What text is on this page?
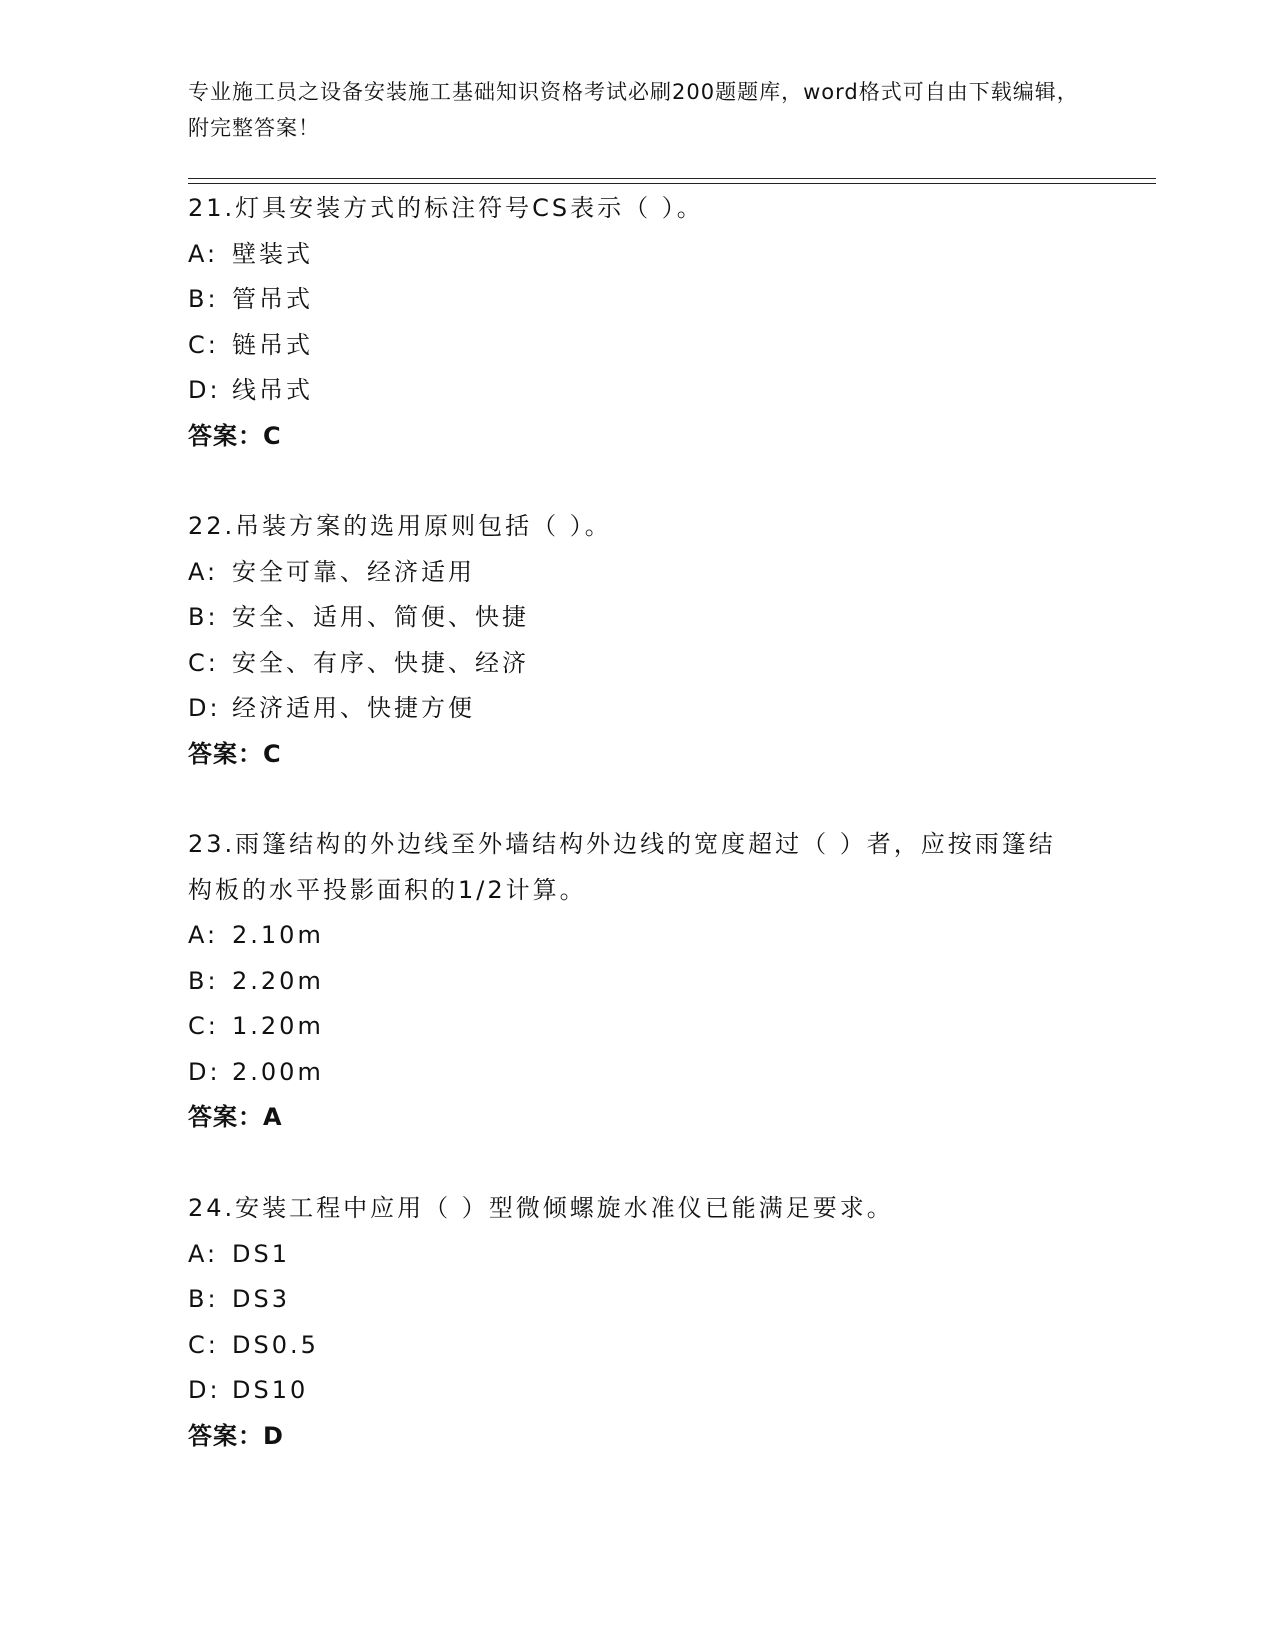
专业施工员之设备安装施工基础知识资格考试必刷200题题库，word格式可自由下载编辑，附完整答案！
21.灯具安装方式的标注符号CS表示（ ）。
A: 壁装式
B: 管吊式
C: 链吊式
D: 线吊式
答案：C
22.吊装方案的选用原则包括（ ）。
A: 安全可靠、经济适用
B: 安全、适用、简便、快捷
C: 安全、有序、快捷、经济
D: 经济适用、快捷方便
答案：C
23.雨篷结构的外边线至外墙结构外边线的宽度超过（ ）者，应按雨篷结构板的水平投影面积的1/2计算。
A: 2.10m
B: 2.20m
C: 1.20m
D: 2.00m
答案：A
24.安装工程中应用（ ）型微倾螺旋水准仪已能满足要求。
A: DS1
B: DS3
C: DS0.5
D: DS10
答案：D
